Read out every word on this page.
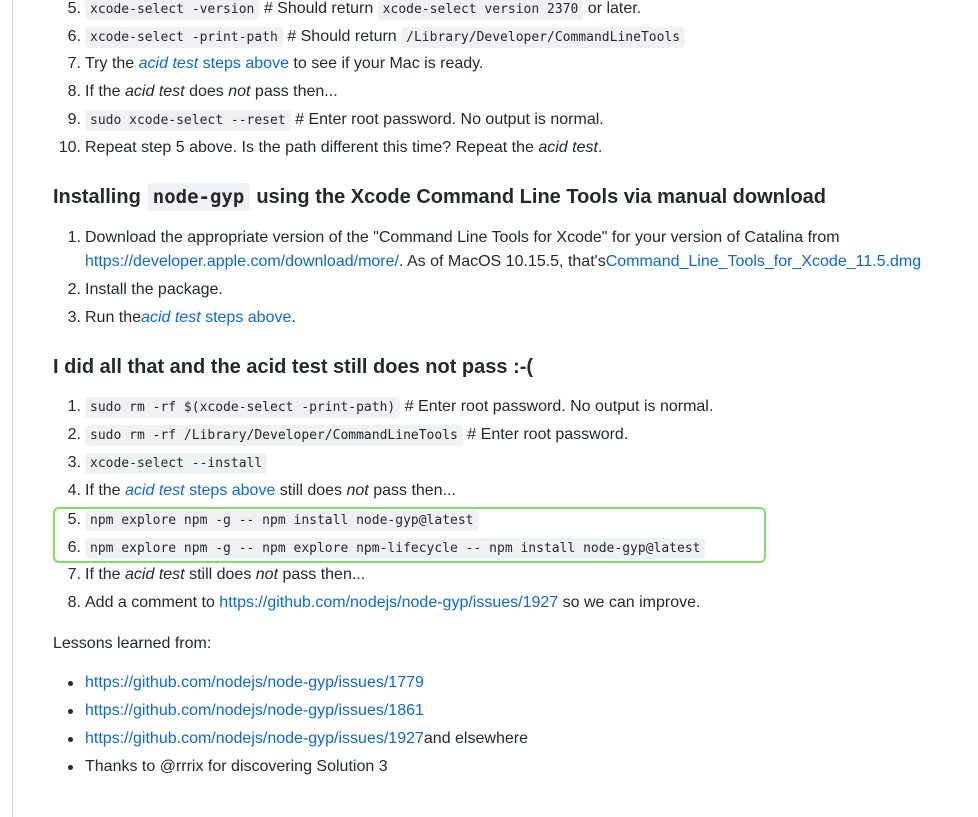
5. xcode-select -version # Should return xcode-select version 2370 or later.
6. xcode-select -print-path # Should return /Library/Developer/CommandLineTools
7. Try the acid test steps above to see if your Mac is ready.
8. If the acid test does not pass then...
9. sudo xcode-select --reset # Enter root password. No output is normal.
10. Repeat step 5 above. Is the path different this time? Repeat the acid test.
Installing node-gyp using the Xcode Command Line Tools via manual download
1. Download the appropriate version of the "Command Line Tools for Xcode" for your version of Catalina from
https://developer.apple.com/download/more/ . As of MacOS 10.15.5, that's Command_Line_Tools_for_Xcode_11.5.dmg
2. Install the package.
3. Run the acid test steps above .
I did all that and the acid test still does not pass :-(
1. sudo rm -rf $(xcode-select -print-path) # Enter root password. No output is normal.
2. sudo rm -rf /Library/Developer/CommandLineTools # Enter root password.
3. xcode-select --install
4. If the acid test steps above still does not pass then...
5. npm explore npm -g -- npm install node-gyp@latest
6. npm explore npm -g -- npm explore npm-lifecycle -- npm install node-gyp@latest
7. If the acid test still does not pass then...
8. Add a comment to https://github.com/nodejs/node-gyp/issues/1927 so we can improve.
Lessons learned from:
https://github.com/nodejs/node-gyp/issues/1779
https://github.com/nodejs/node-gyp/issues/1861
https://github.com/nodejs/node-gyp/issues/1927 and elsewhere
Thanks to @rrrix for discovering Solution 3
